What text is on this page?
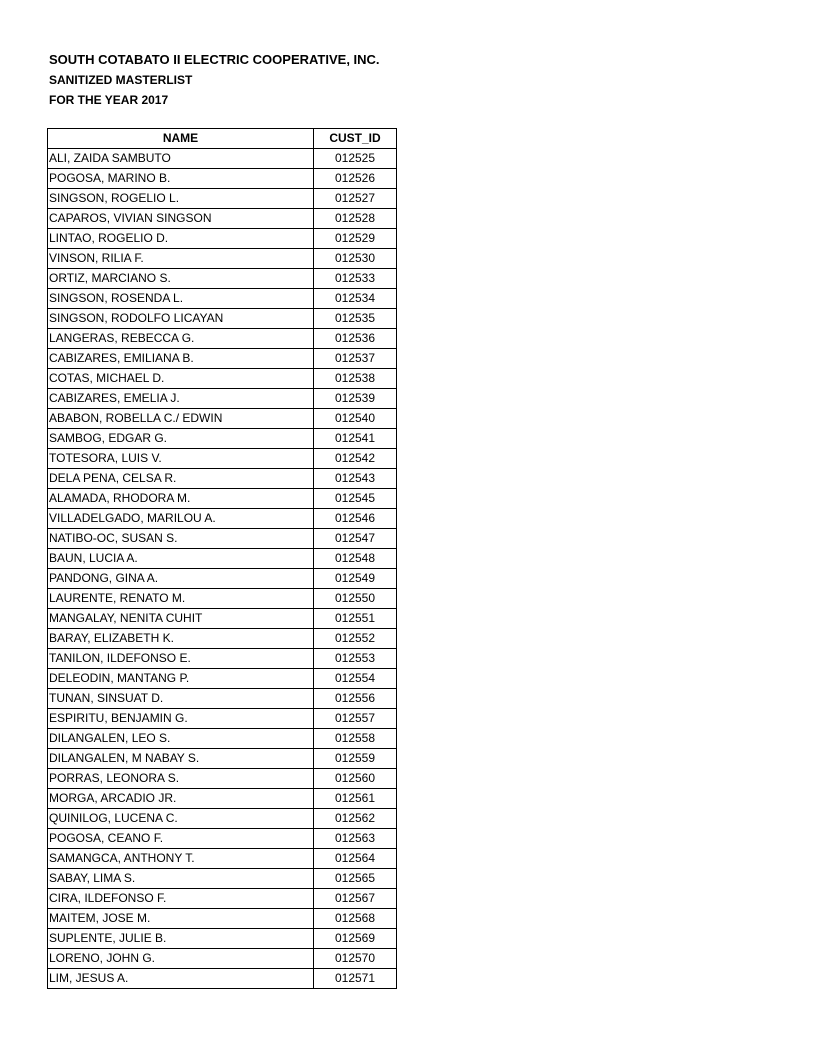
SOUTH COTABATO II ELECTRIC COOPERATIVE, INC.
SANITIZED MASTERLIST
FOR THE YEAR 2017
NAME	CUST_ID
ALI, ZAIDA SAMBUTO	012525
POGOSA, MARINO B.	012526
SINGSON, ROGELIO L.	012527
CAPAROS, VIVIAN SINGSON	012528
LINTAO, ROGELIO D.	012529
VINSON, RILIA F.	012530
ORTIZ, MARCIANO S.	012533
SINGSON, ROSENDA L.	012534
SINGSON, RODOLFO LICAYAN	012535
LANGERAS, REBECCA G.	012536
CABIZARES, EMILIANA B.	012537
COTAS, MICHAEL D.	012538
CABIZARES, EMELIA J.	012539
ABABON, ROBELLA C./ EDWIN	012540
SAMBOG, EDGAR G.	012541
TOTESORA, LUIS V.	012542
DELA PENA, CELSA R.	012543
ALAMADA, RHODORA M.	012545
VILLADELGADO, MARILOU A.	012546
NATIBO-OC, SUSAN S.	012547
BAUN, LUCIA A.	012548
PANDONG, GINA A.	012549
LAURENTE, RENATO M.	012550
MANGALAY, NENITA CUHIT	012551
BARAY, ELIZABETH K.	012552
TANILON, ILDEFONSO E.	012553
DELEODIN, MANTANG P.	012554
TUNAN, SINSUAT D.	012556
ESPIRITU, BENJAMIN G.	012557
DILANGALEN, LEO S.	012558
DILANGALEN, M NABAY S.	012559
PORRAS, LEONORA S.	012560
MORGA, ARCADIO JR.	012561
QUINILOG, LUCENA C.	012562
POGOSA, CEANO F.	012563
SAMANGCA, ANTHONY T.	012564
SABAY, LIMA S.	012565
CIRA, ILDEFONSO F.	012567
MAITEM, JOSE M.	012568
SUPLENTE, JULIE B.	012569
LORENO, JOHN G.	012570
LIM, JESUS A.	012571
